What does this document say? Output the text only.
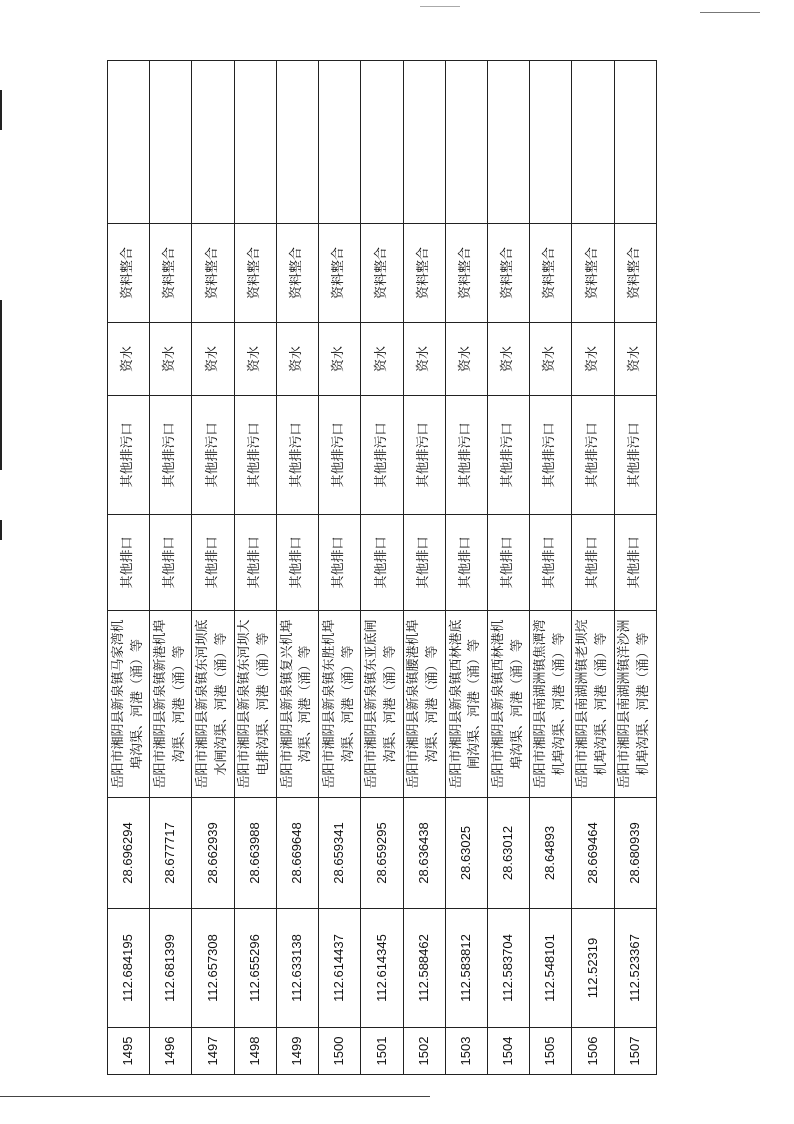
1495	112.684195	28.696294	岳阳市湘阴县新泉镇马家湾机埠沟渠、河港（涌）等	其他排口	其他排污口	资水	资料整合	
1496	112.681399	28.677717	岳阳市湘阴县新泉镇新港机埠沟渠、河港（涌）等	其他排口	其他排污口	资水	资料整合	
1497	112.657308	28.662939	岳阳市湘阴县新泉镇东河坝底水闸沟渠、河港（涌）等	其他排口	其他排污口	资水	资料整合	
1498	112.655296	28.663988	岳阳市湘阴县新泉镇东河坝大电排沟渠、河港（涌）等	其他排口	其他排污口	资水	资料整合	
1499	112.633138	28.669648	岳阳市湘阴县新泉镇复兴机埠沟渠、河港（涌）等	其他排口	其他排污口	资水	资料整合	
1500	112.614437	28.659341	岳阳市湘阴县新泉镇东胜机埠沟渠、河港（涌）等	其他排口	其他排污口	资水	资料整合	
1501	112.614345	28.659295	岳阳市湘阴县新泉镇东亚底闸沟渠、河港（涌）等	其他排口	其他排污口	资水	资料整合	
1502	112.588462	28.636438	岳阳市湘阴县新泉镇腰港机埠沟渠、河港（涌）等	其他排口	其他排污口	资水	资料整合	
1503	112.583812	28.63025	岳阳市湘阴县新泉镇西林港底闸沟渠、河港（涌）等	其他排口	其他排污口	资水	资料整合	
1504	112.583704	28.63012	岳阳市湘阴县新泉镇西林港机埠沟渠、河港（涌）等	其他排口	其他排污口	资水	资料整合	
1505	112.548101	28.64893	岳阳市湘阴县南湖洲镇焦潭湾机埠沟渠、河港（涌）等	其他排口	其他排污口	资水	资料整合	
1506	112.52319	28.669464	岳阳市湘阴县南湖洲镇老坝垸机埠沟渠、河港（涌）等	其他排口	其他排污口	资水	资料整合	
1507	112.523367	28.680939	岳阳市湘阴县南湖洲镇洋沙洲机埠沟渠、河港（涌）等	其他排口	其他排污口	资水	资料整合	
